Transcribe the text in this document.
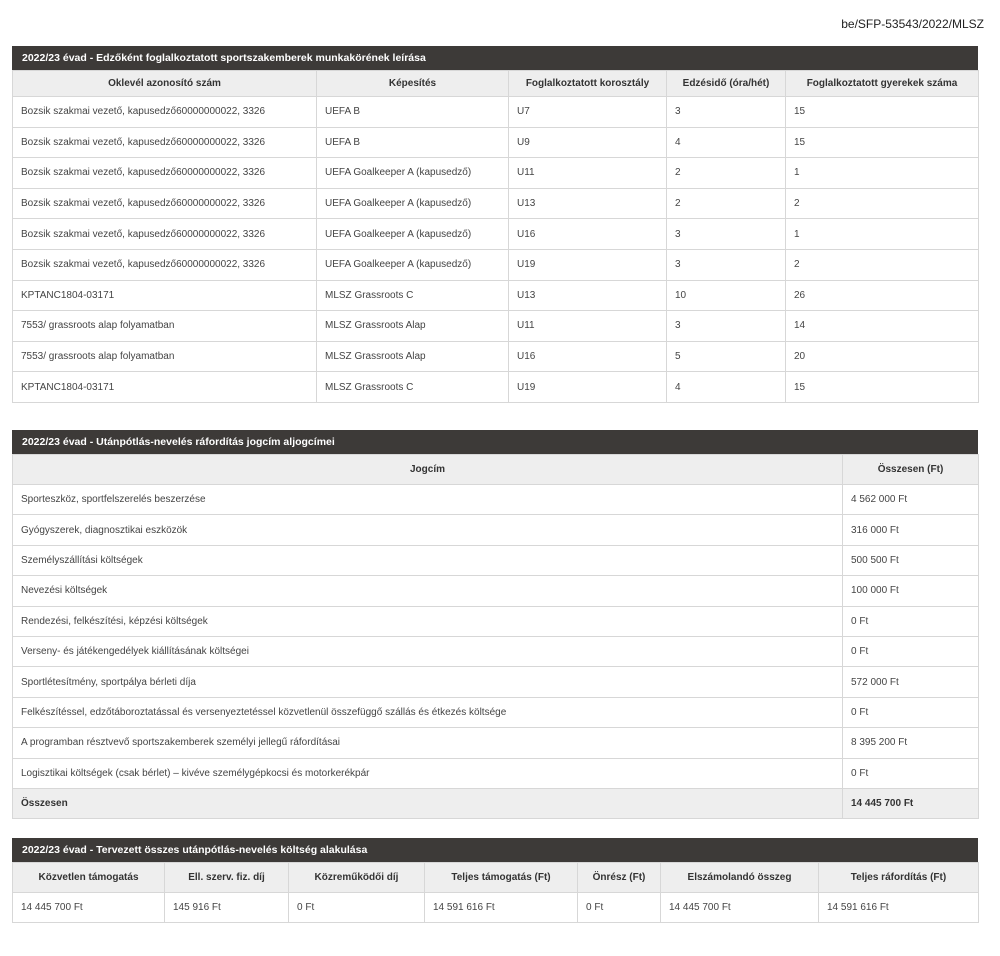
be/SFP-53543/2022/MLSZ
2022/23 évad - Edzőként foglalkoztatott sportszakemberek munkakörének leírása
Oklevél azonosító szám	Képesítés	Foglalkoztatott korosztály	Edzésidő (óra/hét)	Foglalkoztatott gyerekek száma
Bozsik szakmai vezető, kapusedző60000000022, 3326	UEFA B	U7	3	15
Bozsik szakmai vezető, kapusedző60000000022, 3326	UEFA B	U9	4	15
Bozsik szakmai vezető, kapusedző60000000022, 3326	UEFA Goalkeeper A (kapusedző)	U11	2	1
Bozsik szakmai vezető, kapusedző60000000022, 3326	UEFA Goalkeeper A (kapusedző)	U13	2	2
Bozsik szakmai vezető, kapusedző60000000022, 3326	UEFA Goalkeeper A (kapusedző)	U16	3	1
Bozsik szakmai vezető, kapusedző60000000022, 3326	UEFA Goalkeeper A (kapusedző)	U19	3	2
KPTANC1804-03171	MLSZ Grassroots C	U13	10	26
7553/ grassroots alap folyamatban	MLSZ Grassroots Alap	U11	3	14
7553/ grassroots alap folyamatban	MLSZ Grassroots Alap	U16	5	20
KPTANC1804-03171	MLSZ Grassroots C	U19	4	15
2022/23 évad - Utánpótlás-nevelés ráfordítás jogcím aljogcímei
Jogcím	Összesen (Ft)
Sporteszköz, sportfelszerelés beszerzése	4 562 000 Ft
Gyógyszerek, diagnosztikai eszközök	316 000 Ft
Személyszállítási költségek	500 500 Ft
Nevezési költségek	100 000 Ft
Rendezési, felkészítési, képzési költségek	0 Ft
Verseny- és játékengedélyek kiállításának költségei	0 Ft
Sportlétesítmény, sportpálya bérleti díja	572 000 Ft
Felkészítéssel, edzőtáboroztatással és versenyeztetéssel közvetlenül összefüggő szállás és étkezés költsége	0 Ft
A programban résztvevő sportszakemberek személyi jellegű ráfordításai	8 395 200 Ft
Logisztikai költségek (csak bérlet) – kivéve személygépkocsi és motorkerékpár	0 Ft
Összesen	14 445 700 Ft
2022/23 évad - Tervezett összes utánpótlás-nevelés költség alakulása
Közvetlen támogatás	Ell. szerv. fiz. díj	Közreműködői díj	Teljes támogatás (Ft)	Önrész (Ft)	Elszámolandó összeg	Teljes ráfordítás (Ft)
14 445 700 Ft	145 916 Ft	0 Ft	14 591 616 Ft	0 Ft	14 445 700 Ft	14 591 616 Ft
